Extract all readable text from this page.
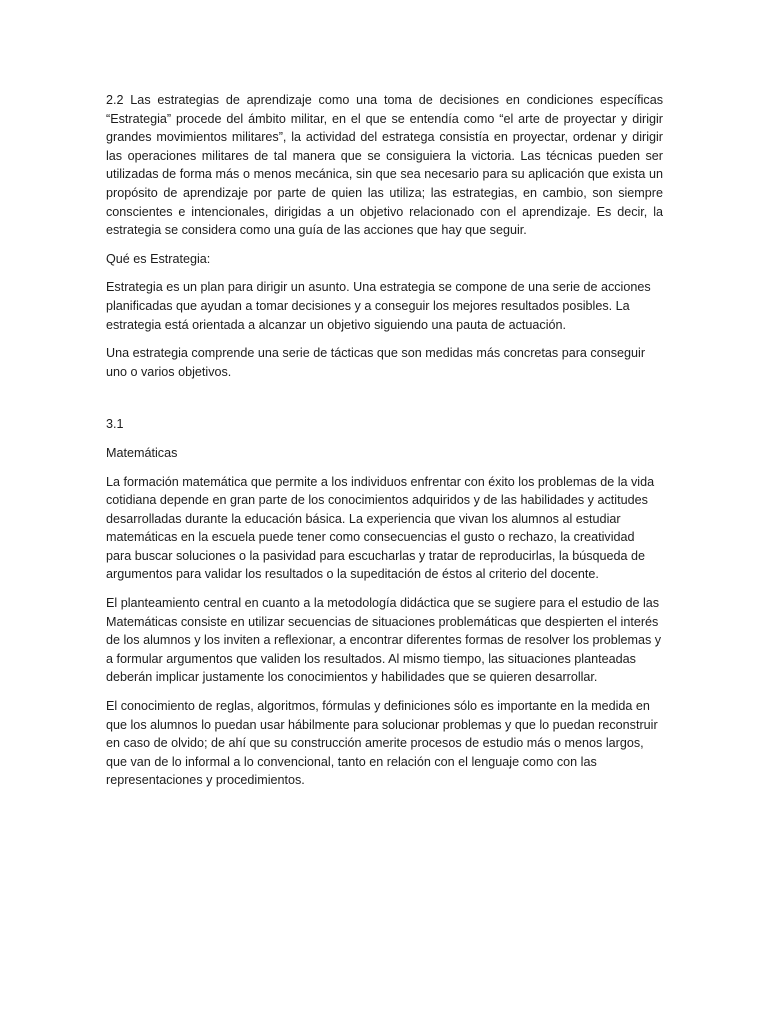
2.2 Las estrategias de aprendizaje como una toma de decisiones en condiciones específicas “Estrategia” procede del ámbito militar, en el que se entendía como “el arte de proyectar y dirigir grandes movimientos militares”, la actividad del estratega consistía en proyectar, ordenar y dirigir las operaciones militares de tal manera que se consiguiera la victoria. Las técnicas pueden ser utilizadas de forma más o menos mecánica, sin que sea necesario para su aplicación que exista un propósito de aprendizaje por parte de quien las utiliza; las estrategias, en cambio, son siempre conscientes e intencionales, dirigidas a un objetivo relacionado con el aprendizaje. Es decir, la estrategia se considera como una guía de las acciones que hay que seguir.

Qué es Estrategia:

Estrategia es un plan para dirigir un asunto. Una estrategia se compone de una serie de acciones planificadas que ayudan a tomar decisiones y a conseguir los mejores resultados posibles. La estrategia está orientada a alcanzar un objetivo siguiendo una pauta de actuación.

Una estrategia comprende una serie de tácticas que son medidas más concretas para conseguir uno o varios objetivos.

3.1

Matemáticas

La formación matemática que permite a los individuos enfrentar con éxito los problemas de la vida cotidiana depende en gran parte de los conocimientos adquiridos y de las habilidades y actitudes desarrolladas durante la educación básica. La experiencia que vivan los alumnos al estudiar matemáticas en la escuela puede tener como consecuencias el gusto o rechazo, la creatividad para buscar soluciones o la pasividad para escucharlas y tratar de reproducirlas, la búsqueda de argumentos para validar los resultados o la supeditación de éstos al criterio del docente.

El planteamiento central en cuanto a la metodología didáctica que se sugiere para el estudio de las Matemáticas consiste en utilizar secuencias de situaciones problemáticas que despierten el interés de los alumnos y los inviten a reflexionar, a encontrar diferentes formas de resolver los problemas y a formular argumentos que validen los resultados. Al mismo tiempo, las situaciones planteadas deberán implicar justamente los conocimientos y habilidades que se quieren desarrollar.

El conocimiento de reglas, algoritmos, fórmulas y definiciones sólo es importante en la medida en que los alumnos lo puedan usar hábilmente para solucionar problemas y que lo puedan reconstruir en caso de olvido; de ahí que su construcción amerite procesos de estudio más o menos largos, que van de lo informal a lo convencional, tanto en relación con el lenguaje como con las representaciones y procedimientos.
